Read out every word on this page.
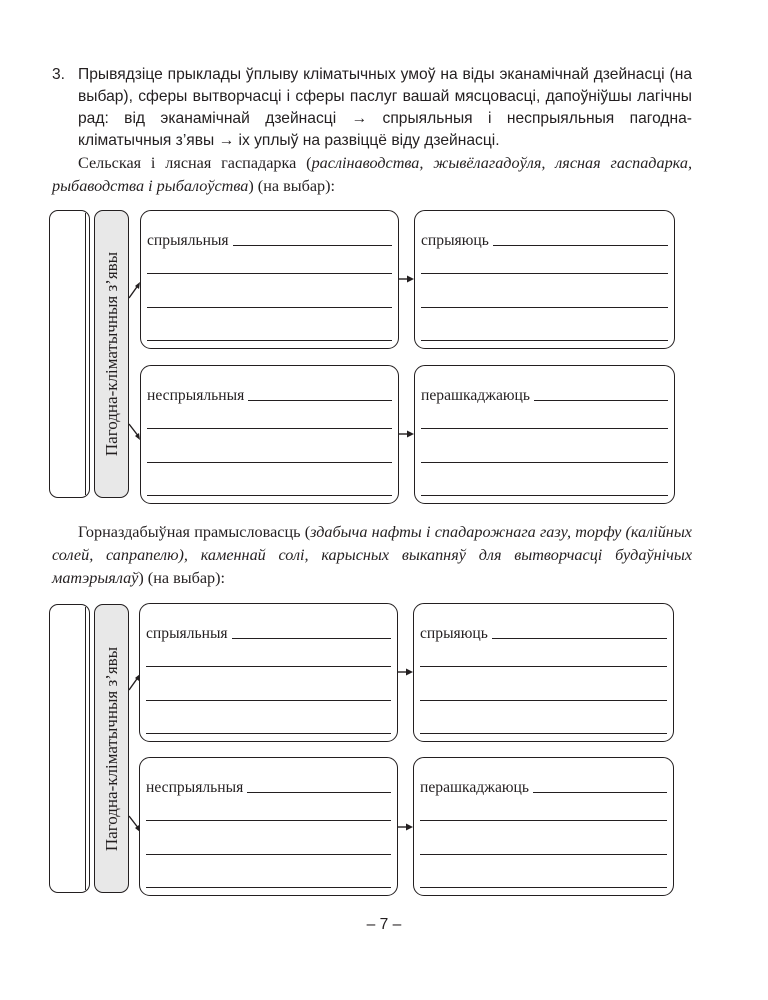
3. Прывядзіце прыклады ўплыву кліматычных умоў на віды эканамічнай дзейнасці (на выбар), сферы вытворчасці і сферы паслуг вашай мясцовасці, дапоўніўшы лагічны рад: від эканамічнай дзейнасці → спрыяльныя і неспрыяльныя пагодна-кліматычныя з’явы → іх уплыў на развіццё віду дзейнасці.
Сельская і лясная гаспадарка (раслінаводства, жывёлагадоўля, лясная гаспадарка, рыбаводства і рыбалоўства) (на выбар):
Пагодна-кліматычныя з’явы
спрыяльныя	спрыяюць
неспрыяльныя	перашкаджаюць
Горназдабыўная прамысловасць (здабыча нафты і спадарожнага газу, торфу (калійных солей, сапрапелю), каменнай солі, карысных выкапняў для вытворчасці будаўнічых матэрыялаў) (на выбар):
Пагодна-кліматычныя з’явы
спрыяльныя	спрыяюць
неспрыяльныя	перашкаджаюць
– 7 –
